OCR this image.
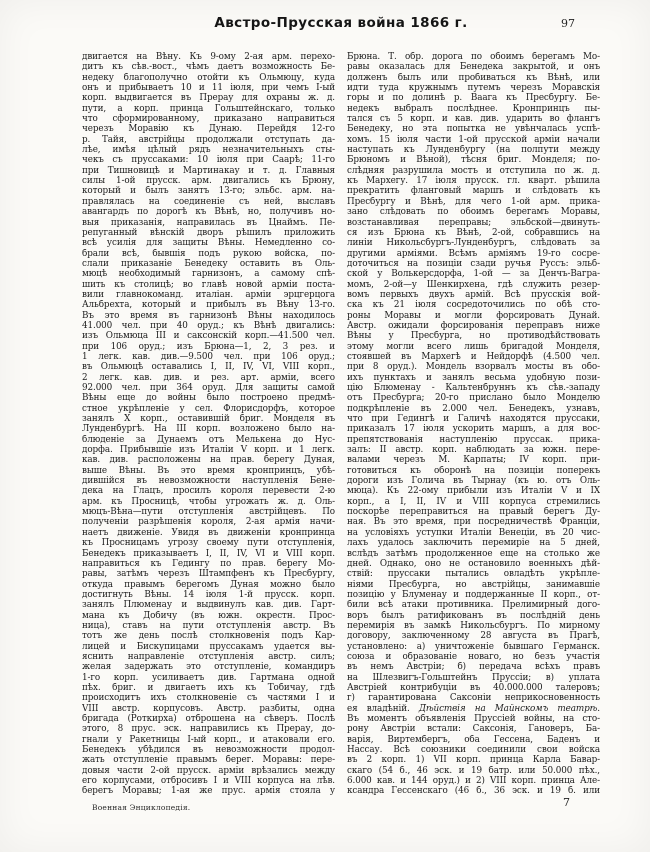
Австро-Прусская война 1866 г.	97
двигается на Вѣну. Къ 9-ому 2-ая арм. перехо-
дитъ къ сѣв.-вост., чѣмъ даетъ возможность Бе-
недеку благополучно отойти къ Ольмюцу, куда
онъ и прибываетъ 10 и 11 іюля, при чемъ I-ый
корп. выдвигается въ Прерау для охраны ж. д.
пути, а корп. принца Гольштейнскаго, только
что сформированному, приказано направиться
черезъ Моравію къ Дунаю. Перейдя 12-го
р. Тайя, австрійцы продолжали отступать да-
лѣе, имѣя цѣлый рядъ незначительныхъ сты-
чекъ съ пруссаками: 10 іюля при Саарѣ; 11-го
при Тишновицѣ и Мартинакау и т. д. Главныя
силы 1-ой прусск. арм. двигались къ Брюну,
который и былъ занятъ 13-го; эльбс. арм. на-
правлялась на соединеніе съ ней, выславъ
авангардъ по дорогѣ къ Вѣнѣ, но, получивъ но-
выя приказанія, направилась въ Цнаймъ. Пе-
репуганный вѣнскій дворъ рѣшилъ приложить
всѣ усилія для защиты Вѣны. Немедленно со-
брали всѣ, бывшія подъ рукою войска, по-
слали приказаніе Бенедеку оставить въ Оль-
мюцѣ необходимый гарнизонъ, а самому спѣ-
шить къ столицѣ; во главѣ новой арміи поста-
вили главнокоманд. италіан. арміи эрцгерцога
Альбрехта, который и прибылъ въ Вѣну 13-го.
Въ это время въ гарнизонѣ Вѣны находилось
41.000 чел. при 40 оруд.; къ Вѣнѣ двигались:
изъ Ольмюца III и саксонскій корп.—41.500 чел.
при 106 оруд.; изъ Брюна—1, 2, 3 рез. и
1 легк. кав. див.—9.500 чел. при 106 оруд.;
въ Ольмюцѣ оставались I, II, IV, VI, VIII корп.,
2 легк. кав. див. и рез. арт. арміи, всего
92.000 чел. при 364 оруд. Для защиты самой
Вѣны еще до войны было построено предмѣ-
стное укрѣпленіе у сел. Флорисдорфъ, которое
занялъ X корп., оставившій бриг. Монделя въ
Лунденбургѣ. На III корп. возложено было на-
блюденіе за Дунаемъ отъ Мелькена до Нус-
дорфа. Прибывшіе изъ Италіи V корп. и 1 легк.
кав. див. расположены на прав. берегу Дуная,
выше Вѣны. Въ это время кронпринцъ, убѣ-
дившійся въ невозможности наступленія Бене-
дека на Глацъ, просилъ короля перевести 2-ю
арм. къ Просницѣ, чтобы угрожать ж. д. Оль-
мюцъ-Вѣна—пути отступленія австрійцевъ. По
полученіи разрѣшенія короля, 2-ая армія начи-
наетъ движеніе. Увидя въ движеніи кронпринца
къ Просницамъ угрозу своему пути отступленія,
Бенедекъ приказываетъ I, II, IV, VI и VIII корп.
направиться къ Гедингу по прав. берегу Мо-
равы, затѣмъ черезъ Штампфенъ къ Пресбургу,
откуда правымъ берегомъ Дуная можно было
достигнуть Вѣны. 14 іюля 1-й прусск. корп.
занялъ Плюменау и выдвинулъ кав. див. Гарт-
мана къ Добичу (въ южн. окрестн. Прос-
ница), ставъ на пути отступленія австр. Въ
тотъ же день послѣ столкновенія подъ Кар-
лицей и Бискупицами пруссакамъ удается вы-
яснить направленіе отступленія австр. силъ;
желая задержать это отступленіе, командиръ
1-го корп. усиливаетъ див. Гартмана одной
пѣх. бриг. и двигаетъ ихъ къ Тобичау, гдѣ
происходитъ ихъ столкновеніе съ частями I и
VIII австр. корпусовъ. Австр. разбиты, одна
бригада (Роткирха) отброшена на сѣверъ. Послѣ
этого, 8 прус. эск. направились къ Прерау, до-
гнали у Ракетницы I-ый корп., и атаковали его.
Бенедекъ убѣдился въ невозможности продол-
жать отступленіе правымъ берег. Моравы: пере-
довыя части 2-ой прусск. арміи врѣзались между
его корпусами, отбросивъ I и VIII корпуса на лѣв.
берегъ Моравы; 1-ая же прус. армія стояла у
Брюна. Т. обр. дорога по обоимъ берегамъ Мо-
равы оказалась для Бенедека закрытой, и онъ
долженъ былъ или пробиваться къ Вѣнѣ, или
идти туда кружнымъ путемъ черезъ Моравскія
горы и по долинѣ р. Ваага къ Пресбургу. Бе-
недекъ выбралъ послѣднее. Кронпринцъ пы-
тался съ 5 корп. и кав. див. ударить во флангъ
Бенедеку, но эта попытка не увѣнчалась успѣ-
хомъ. 15 іюля части 1-ой прусской арміи начали
наступать къ Лунденбургу (на полпути между
Брюномъ и Вѣной), тѣсня бриг. Монделя; по-
слѣдняя разрушила мостъ и отступила по ж. д.
къ Мархегу. 17 іюля прусск. гл. кварт. рѣшила
прекратить фланговый маршъ и слѣдовать къ
Пресбургу и Вѣнѣ, для чего 1-ой арм. прика-
зано слѣдовать по обоимъ берегамъ Моравы,
возстанавливая переправы; эльбской—двинуть-
ся изъ Брюна къ Вѣнѣ, 2-ой, собравшись на
линіи Никольсбургъ-Лунденбургъ, слѣдовать за
другими арміями. Всѣмъ арміямъ 19-го сосре-
доточиться на позиціи сзади ручья Руссъ: эльб-
ской у Волькерсдорфа, 1-ой — за Денчъ-Вагра-
момъ, 2-ой—у Шенкирхена, гдѣ служить резер-
вомъ первыхъ двухъ армій. Всѣ прусскія вой-
ска къ 21 іюля сосредоточились по обѣ сто-
роны Моравы и могли форсировать Дунай.
Австр. ожидали форсированія переправъ ниже
Вѣны у Пресбурга, но противодѣйствовать
этому могли всего лишь бригадой Монделя,
стоявшей въ Мархегѣ и Нейдорфѣ (4.500 чел.
при 8 оруд.). Мондель взорвалъ мосты въ обо-
ихъ пунктахъ и занялъ весьма удобную пози-
цію Блюменау - Кальтенбруннъ къ сѣв.-западу
отъ Пресбурга; 20-го прислано было Монделю
подкрѣпленіе въ 2.000 чел. Бенедекъ, узнавъ,
что при Гедингѣ и Галичѣ находятся пруссаки,
приказалъ 17 іюля ускорить маршъ, а для вос-
препятствованія наступленію пруссак. прика-
залъ: II австр. корп. наблюдать за южн. пере-
валами черезъ М. Карпаты; IV корп. при-
готовиться къ оборонѣ на позиціи поперекъ
дороги изъ Голича въ Тырнау (къ ю. отъ Оль-
мюца). Къ 22-ому прибыли изъ Италіи V и IX
корп., а I, II, IV и VIII корпуса стремились
поскорѣе переправиться на правый берегъ Ду-
ная. Въ это время, при посредничествѣ Франціи,
на условіяхъ уступки Италіи Венеціи, въ 20 чис-
лахъ удалось заключить перемиріе на 5 дней,
вслѣдъ затѣмъ продолженное еще на столько же
дней. Однако, оно не остановило военныхъ дѣй-
ствій: пруссаки пытались овладѣть укрѣпле-
ніями Пресбурга, но австрійцы, занимавшіе
позицію у Блуменау и поддержанные II корп., от-
били всѣ атаки противника. Прелимирный дого-
воръ былъ ратификованъ въ послѣдній день
перемирія въ замкѣ Никольсбургъ. По мирному
договору, заключенному 28 августа въ Прагѣ,
установлено: а) уничтоженіе бывшаго Германск.
союза и образованіе новаго, но безъ участія
въ немъ Австріи; б) передача всѣхъ правъ
на Шлезвигъ-Гольштейнъ Пруссіи; в) уплата
Австріей контрибуціи въ 40.000.000 талеровъ;
г) гарантирована Саксоніи неприкосновенность
ея владѣній. Дѣйствія на Майнскомъ театрѣ.
Въ моментъ объявленія Пруссіей войны, на сто-
рону Австріи встали: Саксонія, Гановеръ, Ба-
варія, Виртембергъ, оба Гессена, Баденъ и
Нассау. Всѣ союзники соединили свои войска
въ 2 корп. 1) VII корп. принца Карла Бавар-
скаго (54 б., 46 эск. и 19 батр. или 50.000 пѣх.,
6.000 кав. и 144 оруд.) и 2) VIII корп. принца Але-
ксандра Гессенскаго (46 б., 36 эск. и 19 б. или
Военная Энциклопедія.	7
